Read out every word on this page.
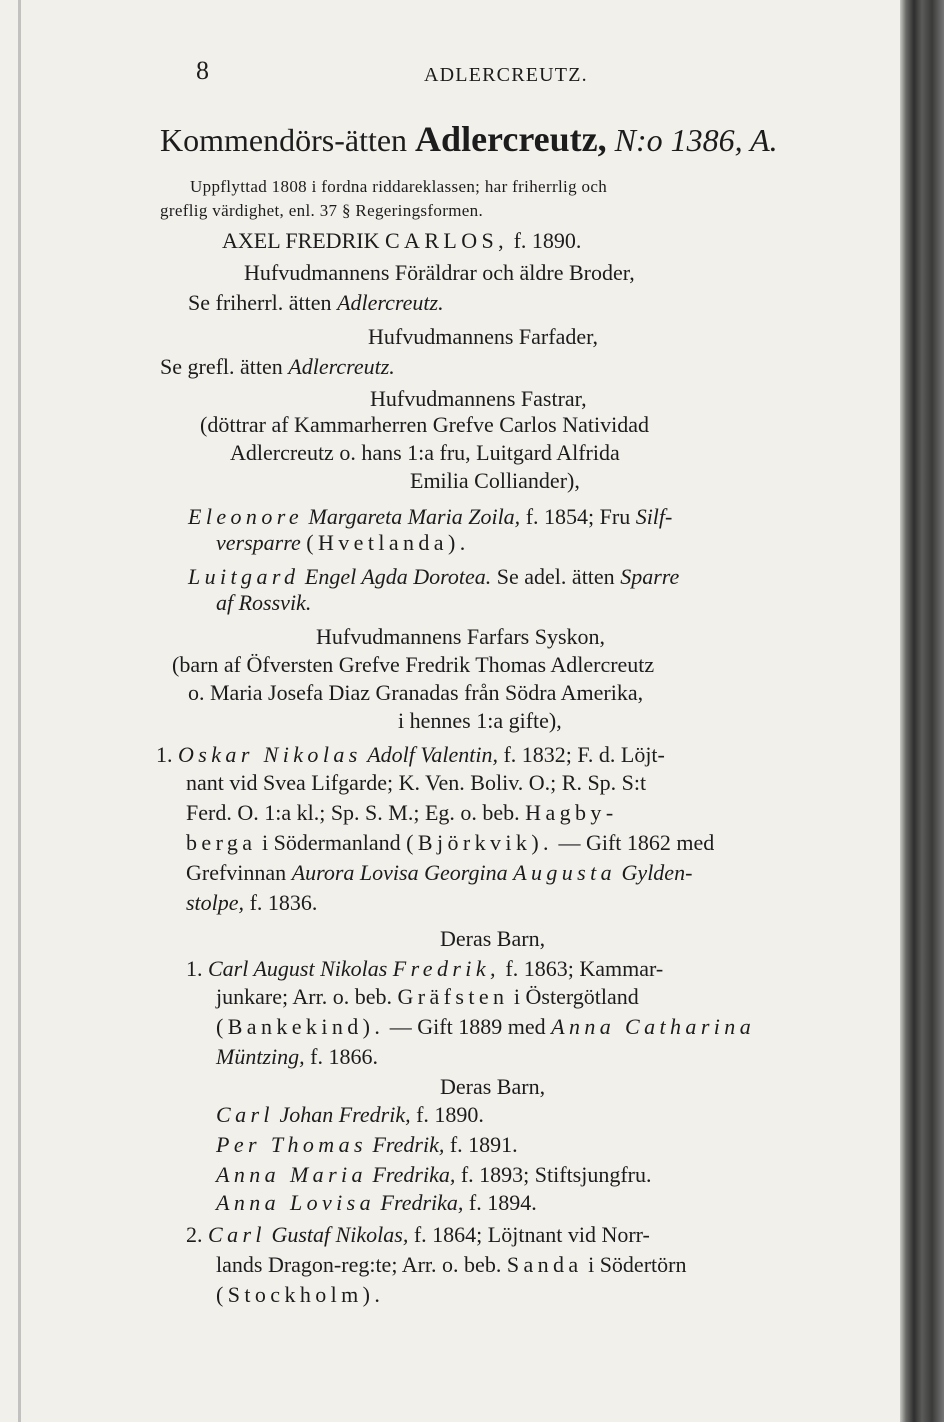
8	ADLERCREUTZ.
Kommendörs-ätten Adlercreutz, N:o 1386, A.
Uppflyttad 1808 i fordna riddareklassen; har friherrlig och
greflig värdighet, enl. 37 § Regeringsformen.
AXEL FREDRIK CARLOS, f. 1890.
Hufvudmannens Föräldrar och äldre Broder,
Se friherrl. ätten Adlercreutz.
Hufvudmannens Farfader,
Se grefl. ätten Adlercreutz.
Hufvudmannens Fastrar,
(döttrar af Kammarherren Grefve Carlos Natividad
Adlercreutz o. hans 1:a fru, Luitgard Alfrida
Emilia Colliander),
Eleonore Margareta Maria Zoila, f. 1854; Fru Silf-
versparre (Hvetlanda).
Luitgard Engel Agda Dorotea. Se adel. ätten Sparre
af Rossvik.
Hufvudmannens Farfars Syskon,
(barn af Öfversten Grefve Fredrik Thomas Adlercreutz
o. Maria Josefa Diaz Granadas från Södra Amerika,
i hennes 1:a gifte),
1. Oskar Nikolas Adolf Valentin, f. 1832; F. d. Löjt-
nant vid Svea Lifgarde; K. Ven. Boliv. O.; R. Sp. S:t
Ferd. O. 1:a kl.; Sp. S. M.; Eg. o. beb. Hagby-
berga i Södermanland (Björkvik). — Gift 1862 med
Grefvinnan Aurora Lovisa Georgina Augusta Gylden-
stolpe, f. 1836.
Deras Barn,
1. Carl August Nikolas Fredrik, f. 1863; Kammar-
junkare; Arr. o. beb. Gräfsten i Östergötland
(Bankekind). — Gift 1889 med Anna Catharina
Müntzing, f. 1866.
Deras Barn,
Carl Johan Fredrik, f. 1890.
Per Thomas Fredrik, f. 1891.
Anna Maria Fredrika, f. 1893; Stiftsjungfru.
Anna Lovisa Fredrika, f. 1894.
2. Carl Gustaf Nikolas, f. 1864; Löjtnant vid Norr-
lands Dragon-reg:te; Arr. o. beb. Sanda i Södertörn
(Stockholm).
